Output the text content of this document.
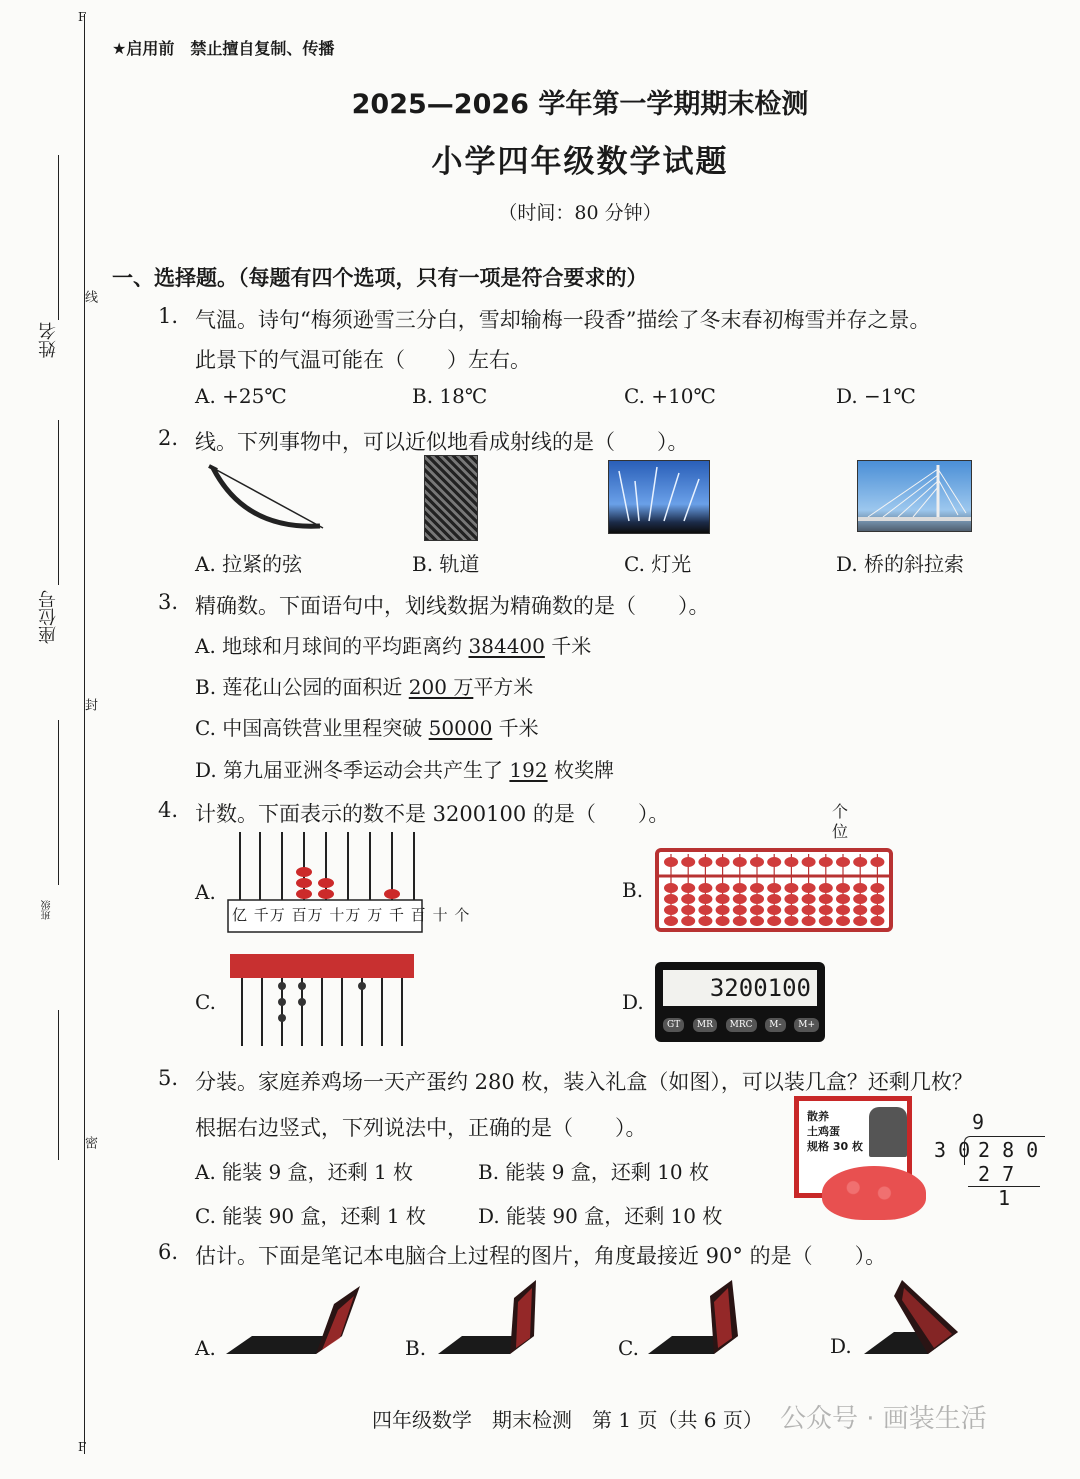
F
F
姓名
线
座位号
封
班级
密
★启用前　禁止擅自复制、传播
2025—2026 学年第一学期期末检测
小学四年级数学试题
（时间：80 分钟）
一、选择题。（每题有四个选项，只有一项是符合要求的）
1. 气温。诗句“梅须逊雪三分白，雪却输梅一段香”描绘了冬末春初梅雪并存之景。
此景下的气温可能在（　　）左右。
A. +25℃	B. 18℃	C. +10℃	D. −1℃
2. 线。下列事物中，可以近似地看成射线的是（　　）。
A. 拉紧的弦	B. 轨道	C. 灯光	D. 桥的斜拉索
3. 精确数。下面语句中，划线数据为精确数的是（　　）。
A. 地球和月球间的平均距离约 384400 千米
B. 莲花山公园的面积近 200 万平方米
C. 中国高铁营业里程突破 50000 千米
D. 第九届亚洲冬季运动会共产生了 192 枚奖牌
4. 计数。下面表示的数不是 3200100 的是（　　）。
A.
亿 千万 百万 十万 万 千 百 十 个
B.
个位
C.	D.	3200100
GT	MR	MRC	M-	M+
5. 分装。家庭养鸡场一天产蛋约 280 枚，装入礼盒（如图），可以装几盒？还剩几枚？
根据右边竖式，下列说法中，正确的是（　　）。
A. 能装 9 盒，还剩 1 枚	B. 能装 9 盒，还剩 10 枚
C. 能装 90 盒，还剩 1 枚	D. 能装 90 盒，还剩 10 枚
散养
土鸡蛋
规格 30 枚
9
3 0 2 8 0
2 7
1
6. 估计。下面是笔记本电脑合上过程的图片，角度最接近 90° 的是（　　）。
A.	B.	C.	D.
四年级数学　期末检测　第 1 页（共 6 页） 公众号 · 画装生活
